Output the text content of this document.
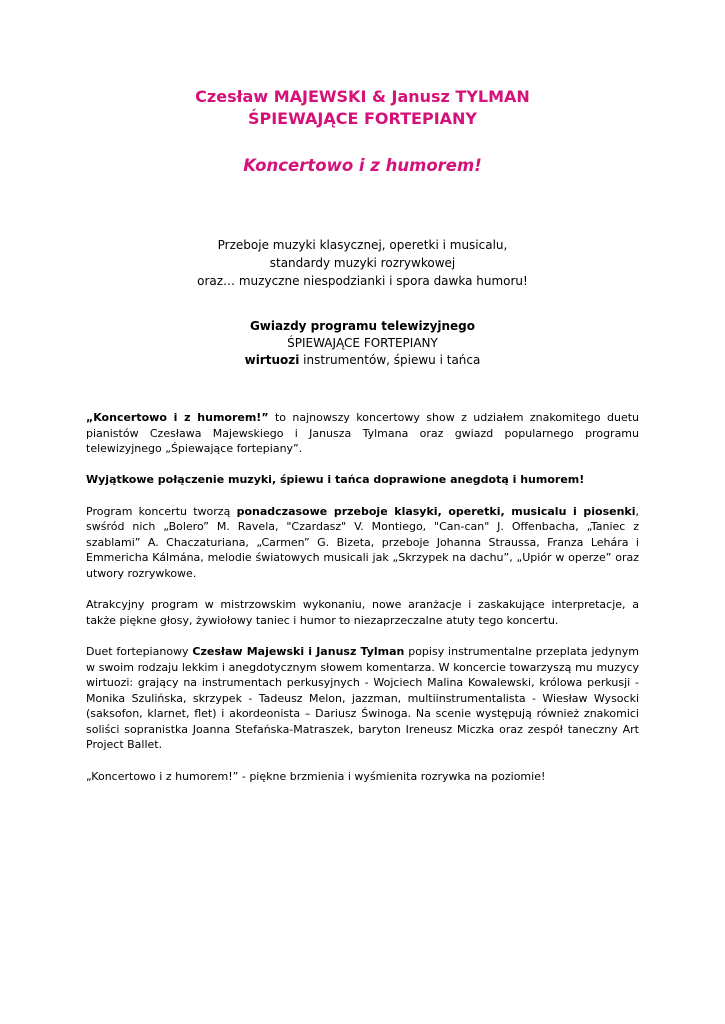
Czesław MAJEWSKI & Janusz TYLMAN
ŚPIEWAJĄCE FORTEPIANY
Koncertowo i z humorem!
Przeboje muzyki klasycznej, operetki i musicalu,
standardy muzyki rozrywkowej
oraz… muzyczne niespodzianki i spora dawka humoru!
Gwiazdy programu telewizyjnego
ŚPIEWAJĄCE FORTEPIANY
wirtuozi instrumentów, śpiewu i tańca

„Koncertowo i z humorem!” to najnowszy koncertowy show z udziałem znakomitego duetu pianistów Czesława Majewskiego i Janusza Tylmana oraz gwiazd popularnego programu telewizyjnego „Śpiewające fortepiany”.

Wyjątkowe połączenie muzyki, śpiewu i tańca doprawione anegdotą i humorem!

Program koncertu tworzą ponadczasowe przeboje klasyki, operetki, musicalu i piosenki, swśród nich „Bolero” M. Ravela, "Czardasz" V. Montiego, "Can-can" J. Offenbacha, „Taniec z szablami” A. Chaczaturiana, „Carmen” G. Bizeta, przeboje Johanna Straussa, Franza Lehára i Emmericha Kálmána, melodie światowych musicali jak „Skrzypek na dachu”, „Upiór w operze” oraz utwory rozrywkowe.

Atrakcyjny program w mistrzowskim wykonaniu, nowe aranżacje i zaskakujące interpretacje, a także piękne głosy, żywiołowy taniec i humor to niezaprzeczalne atuty tego koncertu.

Duet fortepianowy Czesław Majewski i Janusz Tylman popisy instrumentalne przeplata jedynym w swoim rodzaju lekkim i anegdotycznym słowem komentarza. W koncercie towarzyszą mu muzycy wirtuozi: grający na instrumentach perkusyjnych - Wojciech Malina Kowalewski, królowa perkusji - Monika Szulińska, skrzypek - Tadeusz Melon, jazzman, multiinstrumentalista - Wiesław Wysocki (saksofon, klarnet, flet) i akordeonista – Dariusz Świnoga. Na scenie występują również znakomici soliści sopranistka Joanna Stefańska-Matraszek, baryton Ireneusz Miczka oraz zespół taneczny Art Project Ballet.

„Koncertowo i z humorem!” - piękne brzmienia i wyśmienita rozrywka na poziomie!
